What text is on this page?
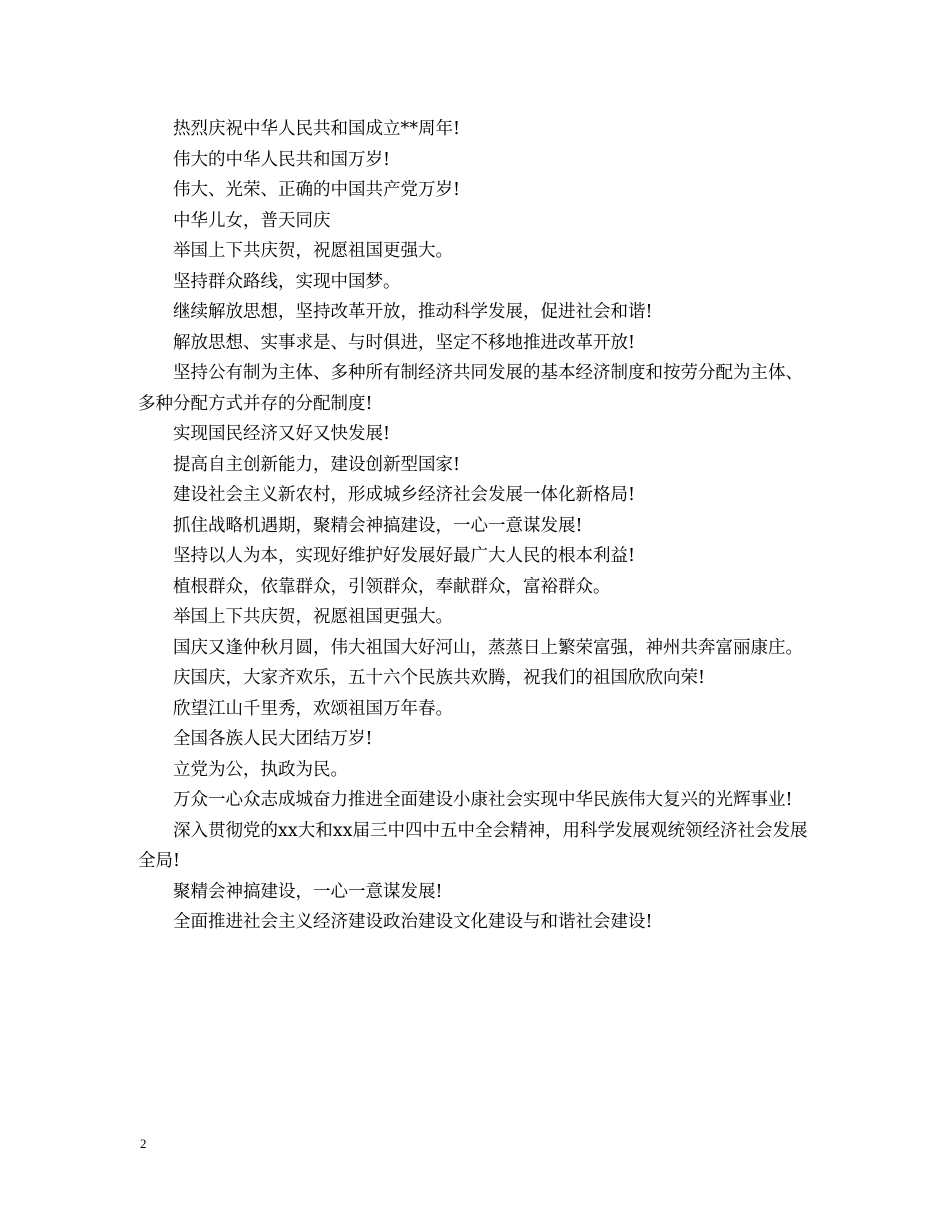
热烈庆祝中华人民共和国成立**周年!

伟大的中华人民共和国万岁!

伟大、光荣、正确的中国共产党万岁!

中华儿女，普天同庆

举国上下共庆贺，祝愿祖国更强大。

坚持群众路线，实现中国梦。

继续解放思想，坚持改革开放，推动科学发展，促进社会和谐!

解放思想、实事求是、与时俱进，坚定不移地推进改革开放!

坚持公有制为主体、多种所有制经济共同发展的基本经济制度和按劳分配为主体、多种分配方式并存的分配制度!

实现国民经济又好又快发展!

提高自主创新能力，建设创新型国家!

建设社会主义新农村，形成城乡经济社会发展一体化新格局!

抓住战略机遇期，聚精会神搞建设，一心一意谋发展!

坚持以人为本，实现好维护好发展好最广大人民的根本利益!

植根群众，依靠群众，引领群众，奉献群众，富裕群众。

举国上下共庆贺，祝愿祖国更强大。

国庆又逢仲秋月圆，伟大祖国大好河山，蒸蒸日上繁荣富强，神州共奔富丽康庄。

庆国庆，大家齐欢乐，五十六个民族共欢腾，祝我们的祖国欣欣向荣!

欣望江山千里秀，欢颂祖国万年春。

全国各族人民大团结万岁!

立党为公，执政为民。

万众一心众志成城奋力推进全面建设小康社会实现中华民族伟大复兴的光辉事业!

深入贯彻党的xx大和xx届三中四中五中全会精神，用科学发展观统领经济社会发展全局!

聚精会神搞建设，一心一意谋发展!

全面推进社会主义经济建设政治建设文化建设与和谐社会建设!

2
